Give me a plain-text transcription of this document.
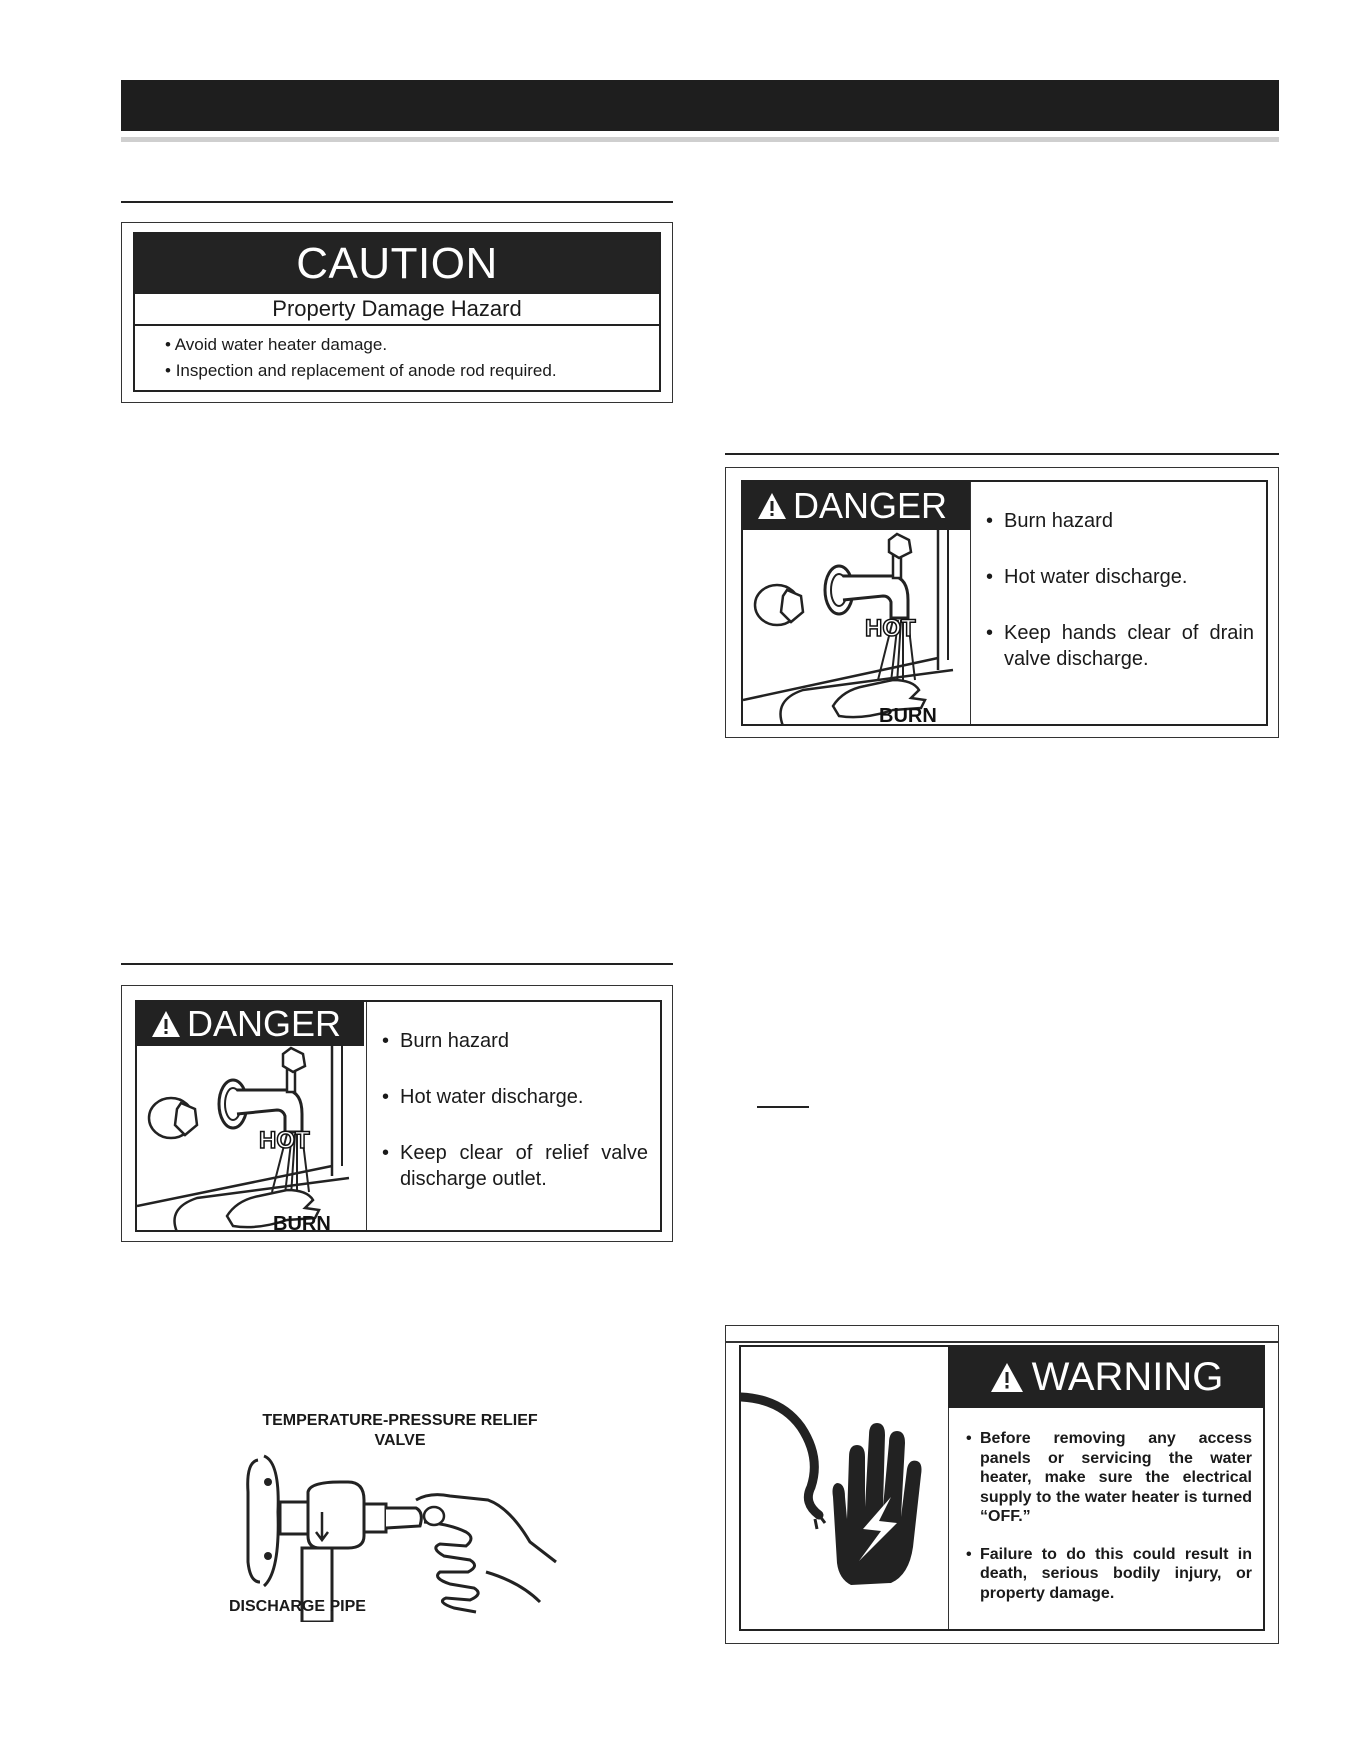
CAUTION
Property Damage Hazard
• Avoid water heater damage.
• Inspection and replacement of anode rod required.
DANGER
HOT
BURN
• Burn hazard
• Hot water discharge.
• Keep hands clear of drain valve discharge.
DANGER
HOT
BURN
• Burn hazard
• Hot water discharge.
• Keep clear of relief valve discharge outlet.
TEMPERATURE-PRESSURE RELIEF VALVE
DISCHARGE PIPE
WARNING
• Before removing any access panels or servicing the water heater, make sure the electrical supply to the water heater is turned “OFF.”
• Failure to do this could result in death, serious bodily injury, or property damage.
